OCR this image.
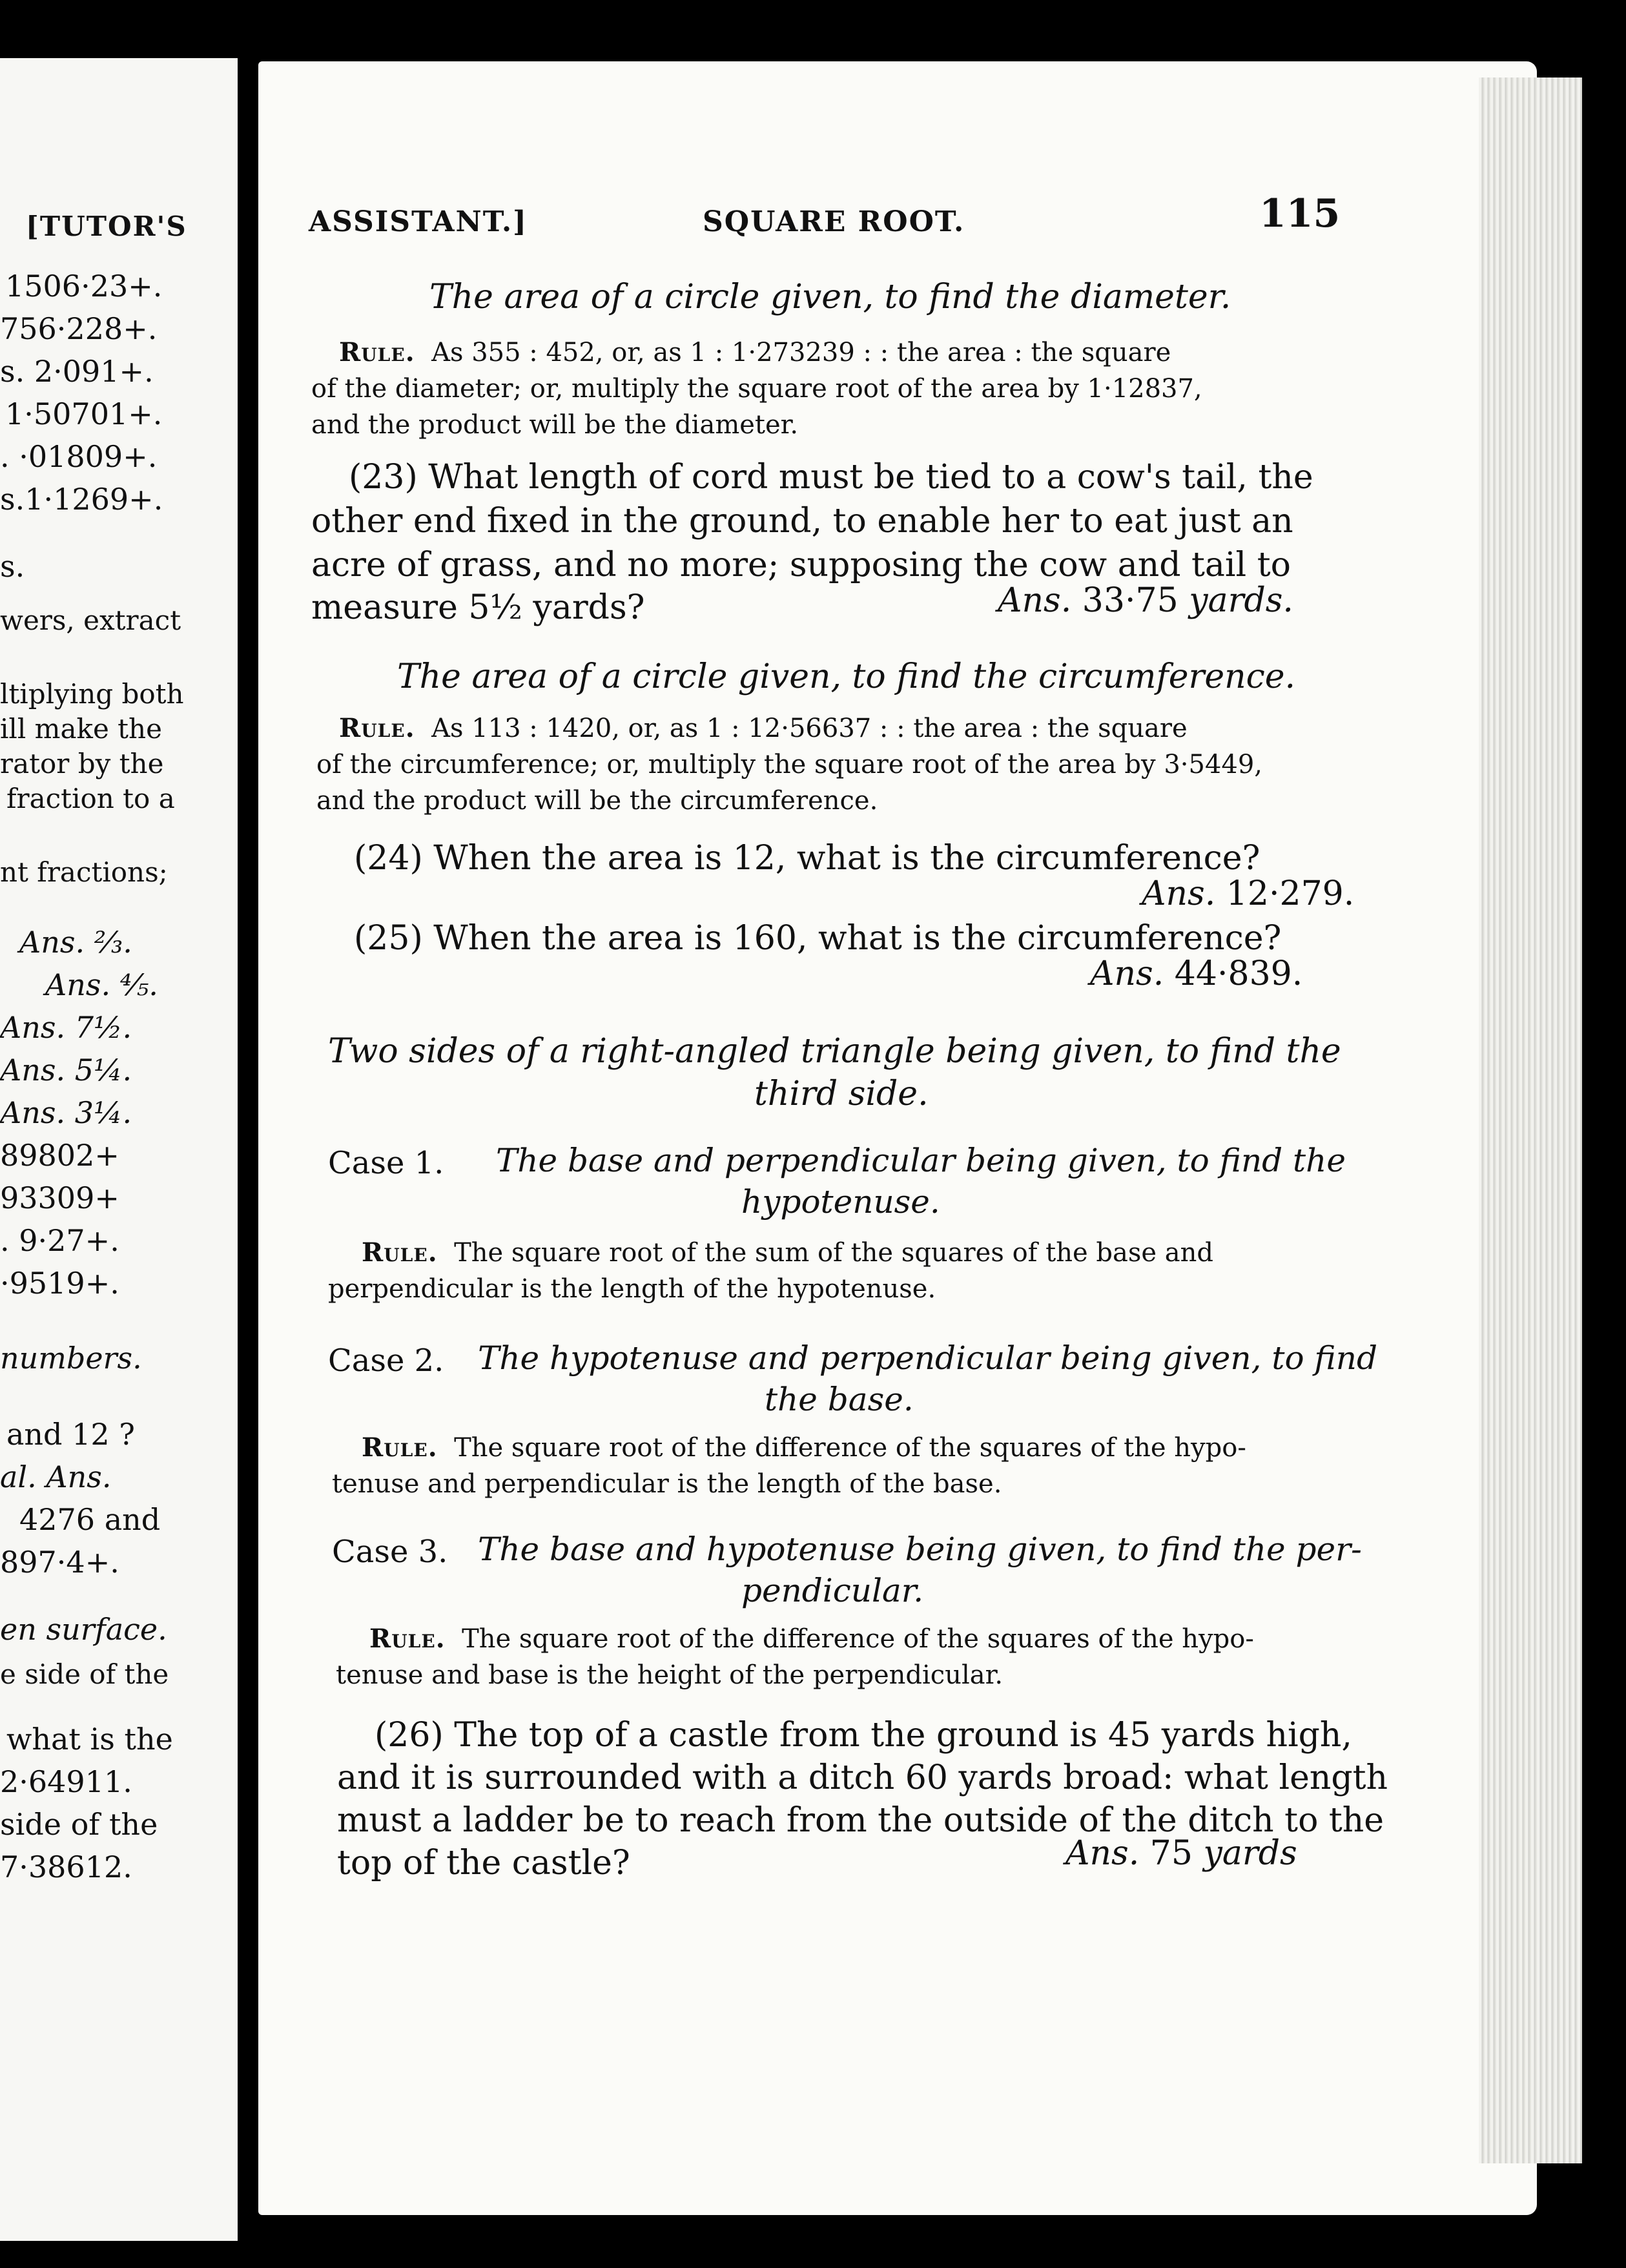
[TUTOR'S
1506·23+.
756·228+.
s. 2·091+.
1·50701+.
. ·01809+.
s.1·1269+.
s.
wers, extract
ltiplying both
ill make the
rator by the
fraction to a
nt fractions;
Ans. ⅔.
Ans. ⅘.
Ans. 7½.
Ans. 5¼.
Ans. 3¼.
89802+
93309+
. 9·27+.
·9519+.
numbers.
and 12 ?
al. Ans.
4276 and
897·4+.
en surface.
e side of the
what is the
2·64911.
side of the
7·38612.
ASSISTANT.]	SQUARE ROOT.	115
The area of a circle given, to find the diameter.
Rule. As 355 : 452, or, as 1 : 1·273239 : : the area : the square
of the diameter; or, multiply the square root of the area by 1·12837,
and the product will be the diameter.
(23) What length of cord must be tied to a cow's tail, the
other end fixed in the ground, to enable her to eat just an
acre of grass, and no more; supposing the cow and tail to
measure 5½ yards?	Ans. 33·75 yards.
The area of a circle given, to find the circumference.
Rule. As 113 : 1420, or, as 1 : 12·56637 : : the area : the square
of the circumference; or, multiply the square root of the area by 3·5449,
and the product will be the circumference.
(24) When the area is 12, what is the circumference?
Ans. 12·279.
(25) When the area is 160, what is the circumference?
Ans. 44·839.
Two sides of a right-angled triangle being given, to find the
third side.
Case 1. The base and perpendicular being given, to find the
hypotenuse.
Rule. The square root of the sum of the squares of the base and
perpendicular is the length of the hypotenuse.
Case 2. The hypotenuse and perpendicular being given, to find
the base.
Rule. The square root of the difference of the squares of the hypo-
tenuse and perpendicular is the length of the base.
Case 3. The base and hypotenuse being given, to find the per-
pendicular.
Rule. The square root of the difference of the squares of the hypo-
tenuse and base is the height of the perpendicular.
(26) The top of a castle from the ground is 45 yards high,
and it is surrounded with a ditch 60 yards broad: what length
must a ladder be to reach from the outside of the ditch to the
top of the castle?	Ans. 75 yards
